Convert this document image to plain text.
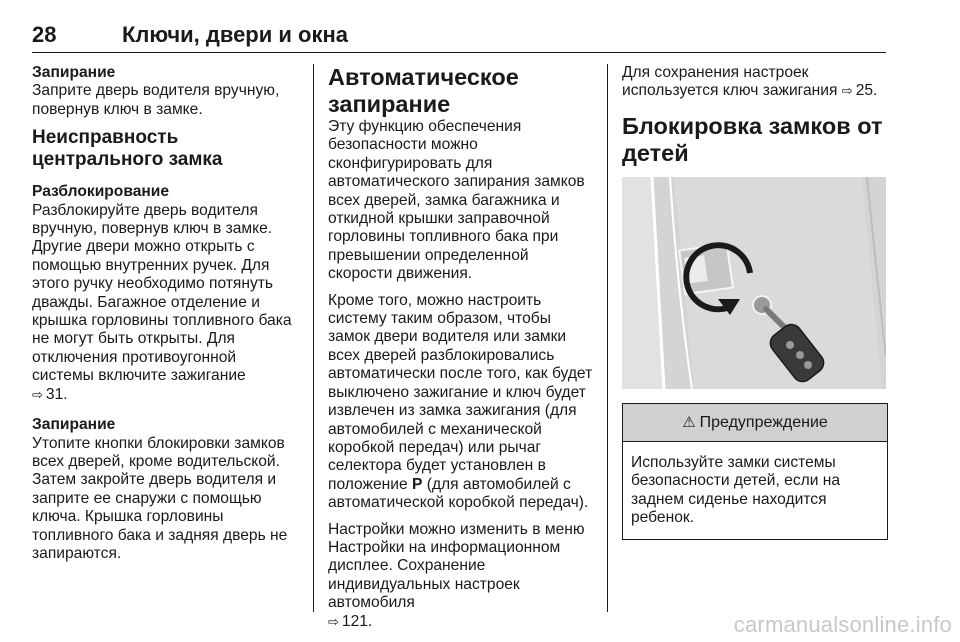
28	Ключи, двери и окна

Запирание

Заприте дверь водителя вручную, повернув ключ в замке.

Неисправность центрального замка

Разблокирование

Разблокируйте дверь водителя вручную, повернув ключ в замке. Другие двери можно открыть с помощью внутренних ручек. Для этого ручку необходимо потянуть дважды. Багажное отделение и крышка горловины топливного бака не могут быть открыты. Для отключения противоугонной системы включите зажигание
⇨ 31.

Запирание

Утопите кнопки блокировки замков всех дверей, кроме водительской. Затем закройте дверь водителя и заприте ее снаружи с помощью ключа. Крышка горловины топливного бака и задняя дверь не запираются.

Автоматическое запирание

Эту функцию обеспечения безопасности можно сконфигурировать для автоматического запирания замков всех дверей, замка багажника и откидной крышки заправочной горловины топливного бака при превышении определенной скорости движения.

Кроме того, можно настроить систему таким образом, чтобы замок двери водителя или замки всех дверей разблокировались автоматически после того, как будет выключено зажигание и ключ будет извлечен из замка зажигания (для автомобилей с механической коробкой передач) или рычаг селектора будет установлен в положение P (для автомобилей с автоматической коробкой передач).

Настройки можно изменить в меню Настройки на информационном дисплее. Сохранение индивидуальных настроек автомобиля
⇨ 121.

Для сохранения настроек используется ключ зажигания ⇨ 25.

Блокировка замков от детей

⚠ Предупреждение
Используйте замки системы безопасности детей, если на заднем сиденье находится ребенок.
carmanualsonline.info
